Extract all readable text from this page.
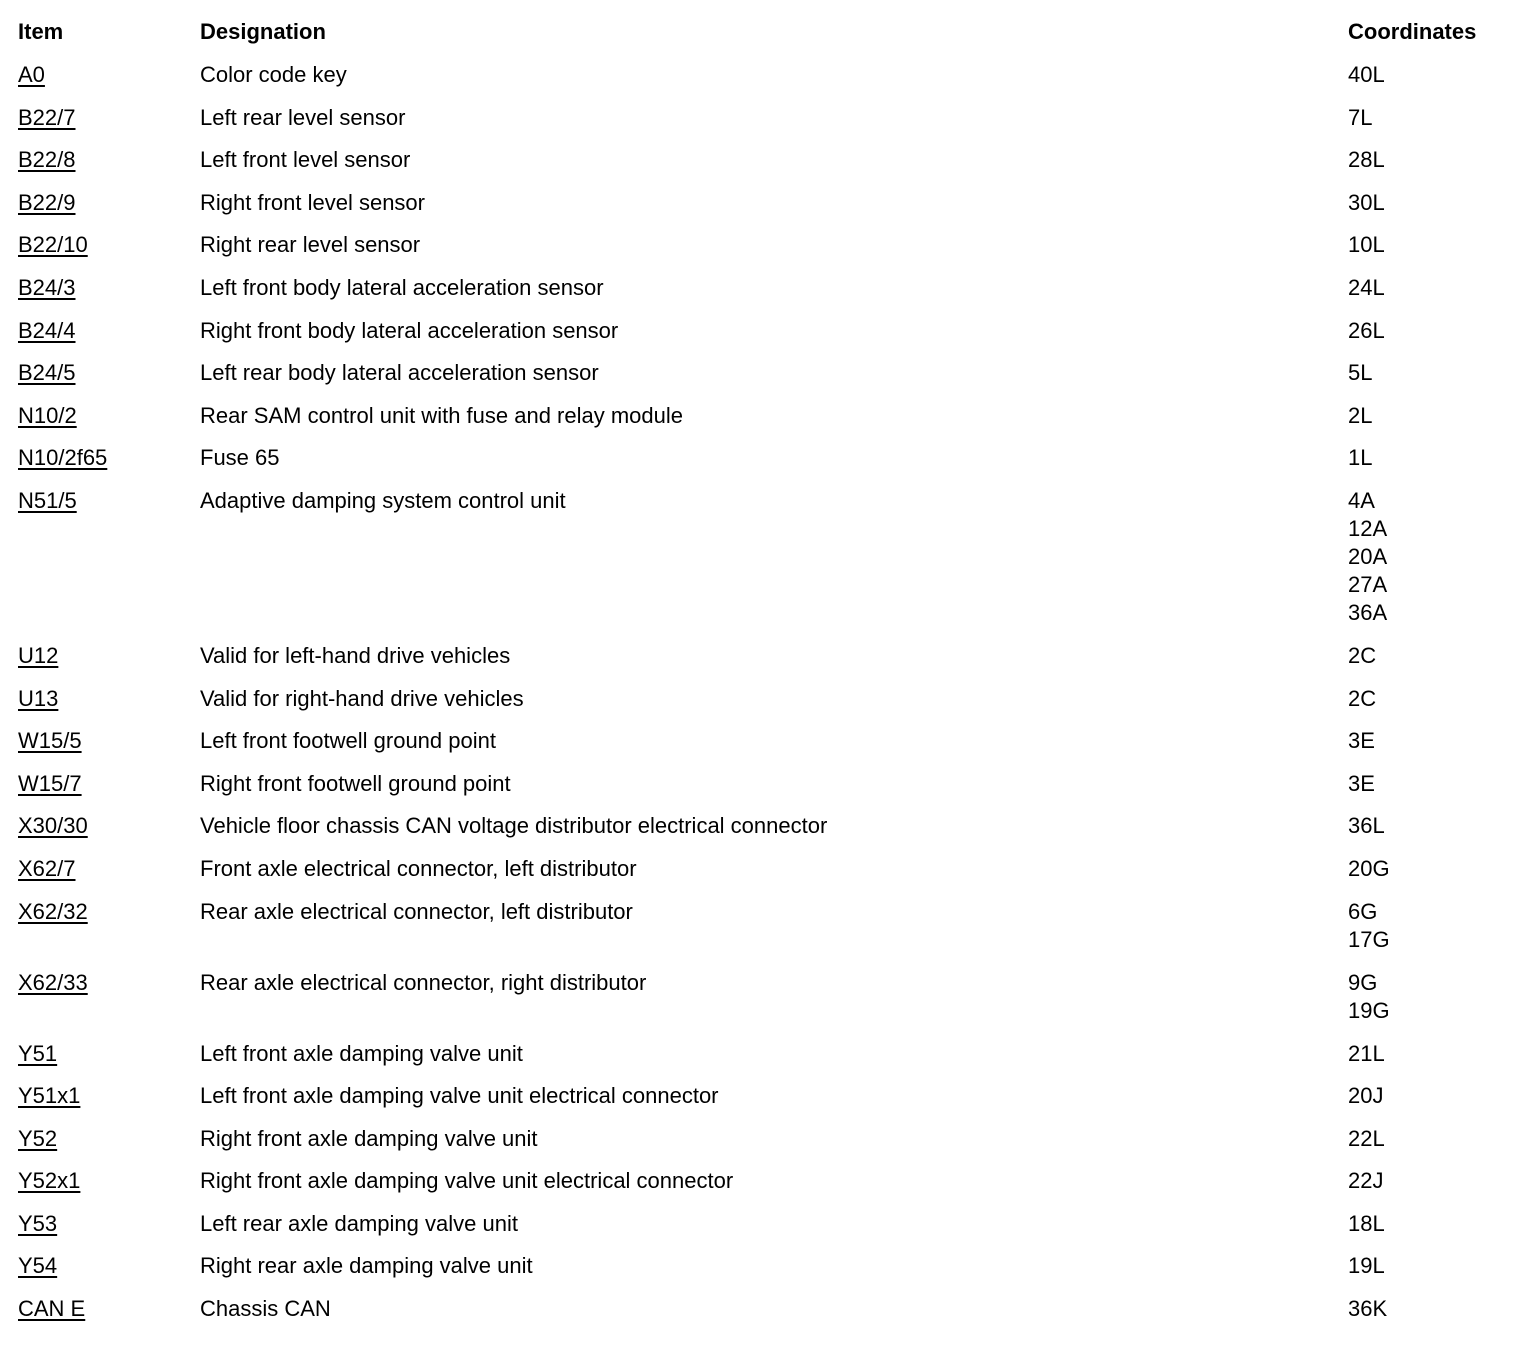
Item	Designation	Coordinates
A0	Color code key	40L
B22/7	Left rear level sensor	7L
B22/8	Left front level sensor	28L
B22/9	Right front level sensor	30L
B22/10	Right rear level sensor	10L
B24/3	Left front body lateral acceleration sensor	24L
B24/4	Right front body lateral acceleration sensor	26L
B24/5	Left rear body lateral acceleration sensor	5L
N10/2	Rear SAM control unit with fuse and relay module	2L
N10/2f65	Fuse 65	1L
N51/5	Adaptive damping system control unit	4A
12A
20A
27A
36A
U12	Valid for left-hand drive vehicles	2C
U13	Valid for right-hand drive vehicles	2C
W15/5	Left front footwell ground point	3E
W15/7	Right front footwell ground point	3E
X30/30	Vehicle floor chassis CAN voltage distributor electrical connector	36L
X62/7	Front axle electrical connector, left distributor	20G
X62/32	Rear axle electrical connector, left distributor	6G
17G
X62/33	Rear axle electrical connector, right distributor	9G
19G
Y51	Left front axle damping valve unit	21L
Y51x1	Left front axle damping valve unit electrical connector	20J
Y52	Right front axle damping valve unit	22L
Y52x1	Right front axle damping valve unit electrical connector	22J
Y53	Left rear axle damping valve unit	18L
Y54	Right rear axle damping valve unit	19L
CAN E	Chassis CAN	36K
